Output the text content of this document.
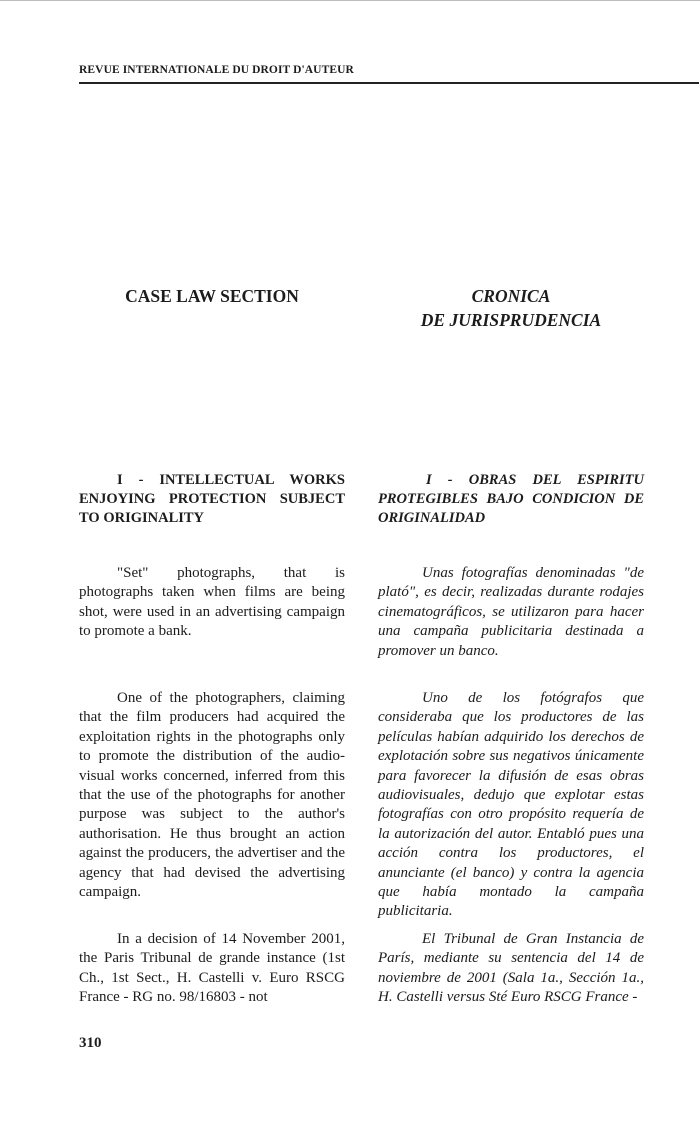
REVUE INTERNATIONALE DU DROIT D'AUTEUR
CASE LAW SECTION	CRONICA
DE JURISPRUDENCIA
I - INTELLECTUAL WORKS ENJOYING PROTECTION SUBJECT TO ORIGINALITY
I - OBRAS DEL ESPIRITU PROTEGIBLES BAJO CONDICION DE ORIGINALIDAD

"Set" photographs, that is photographs taken when films are being shot, were used in an advertising campaign to promote a bank.

Unas fotografías denominadas "de plató", es decir, realizadas durante rodajes cinematográficos, se utilizaron para hacer una campaña publicitaria destinada a promover un banco.

One of the photographers, claiming that the film producers had acquired the exploitation rights in the photographs only to promote the distribution of the audio-visual works concerned, inferred from this that the use of the photographs for another purpose was subject to the author's authorisation. He thus brought an action against the producers, the advertiser and the agency that had devised the advertising campaign.

Uno de los fotógrafos que consideraba que los productores de las películas habían adquirido los derechos de explotación sobre sus negativos únicamente para favorecer la difusión de esas obras audiovisuales, dedujo que explotar estas fotografías con otro propósito requería de la autorización del autor. Entabló pues una acción contra los productores, el anunciante (el banco) y contra la agencia que había montado la campaña publicitaria.

In a decision of 14 November 2001, the Paris Tribunal de grande instance (1st Ch., 1st Sect., H. Castelli v. Euro RSCG France - RG no. 98/16803 - not

El Tribunal de Gran Instancia de París, mediante su sentencia del 14 de noviembre de 2001 (Sala 1a., Sección 1a., H. Castelli versus Sté Euro RSCG France -

310
